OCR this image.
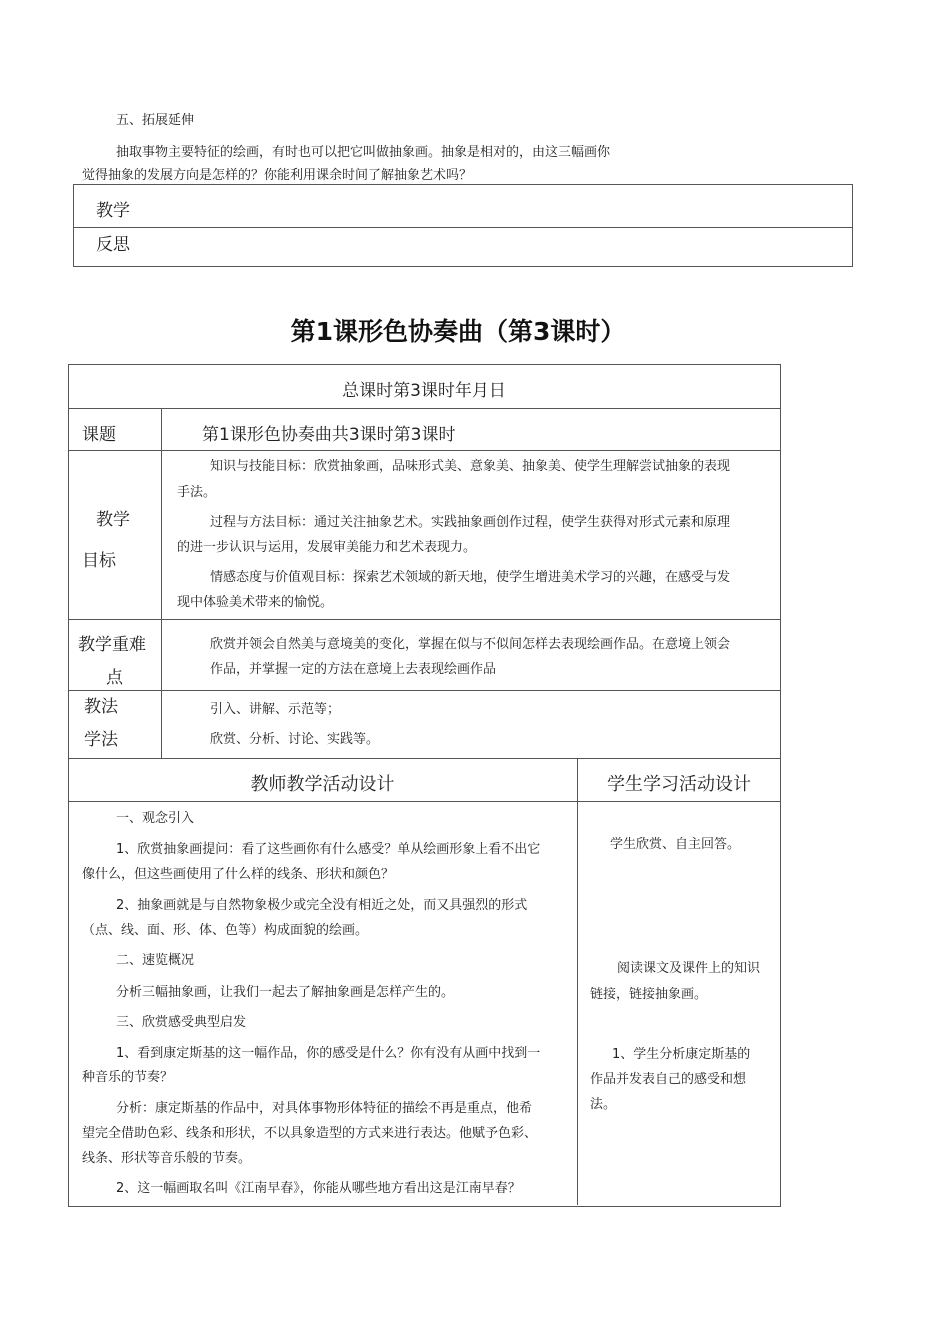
五、拓展延伸
抽取事物主要特征的绘画，有时也可以把它叫做抽象画。抽象是相对的，由这三幅画你
觉得抽象的发展方向是怎样的？你能利用课余时间了解抽象艺术吗？
教学
反思
第1课形色协奏曲（第3课时）
总课时第3课时年月日
课题	第1课形色协奏曲共3课时第3课时
教学
目标
知识与技能目标：欣赏抽象画，品味形式美、意象美、抽象美、使学生理解尝试抽象的表现
手法。
过程与方法目标：通过关注抽象艺术。实践抽象画创作过程，使学生获得对形式元素和原理
的进一步认识与运用，发展审美能力和艺术表现力。
情感态度与价值观目标：探索艺术领域的新天地，使学生增进美术学习的兴趣，在感受与发
现中体验美术带来的愉悦。
教学重难
点
欣赏并领会自然美与意境美的变化，掌握在似与不似间怎样去表现绘画作品。在意境上领会
作品，并掌握一定的方法在意境上去表现绘画作品
教法
学法
引入、讲解、示范等；
欣赏、分析、讨论、实践等。
教师教学活动设计	学生学习活动设计
一、观念引入
1、欣赏抽象画提问：看了这些画你有什么感受？单从绘画形象上看不出它
像什么，但这些画使用了什么样的线条、形状和颜色？
2、抽象画就是与自然物象极少或完全没有相近之处，而又具强烈的形式
（点、线、面、形、体、色等）构成面貌的绘画。
二、速览概况
分析三幅抽象画，让我们一起去了解抽象画是怎样产生的。
三、欣赏感受典型启发
1、看到康定斯基的这一幅作品，你的感受是什么？你有没有从画中找到一
种音乐的节奏？
分析：康定斯基的作品中，对具体事物形体特征的描绘不再是重点，他希
望完全借助色彩、线条和形状，不以具象造型的方式来进行表达。他赋予色彩、
线条、形状等音乐般的节奏。
2、这一幅画取名叫《江南早春》，你能从哪些地方看出这是江南早春？
学生欣赏、自主回答。
阅读课文及课件上的知识
链接，链接抽象画。
1、学生分析康定斯基的
作品并发表自己的感受和想
法。
